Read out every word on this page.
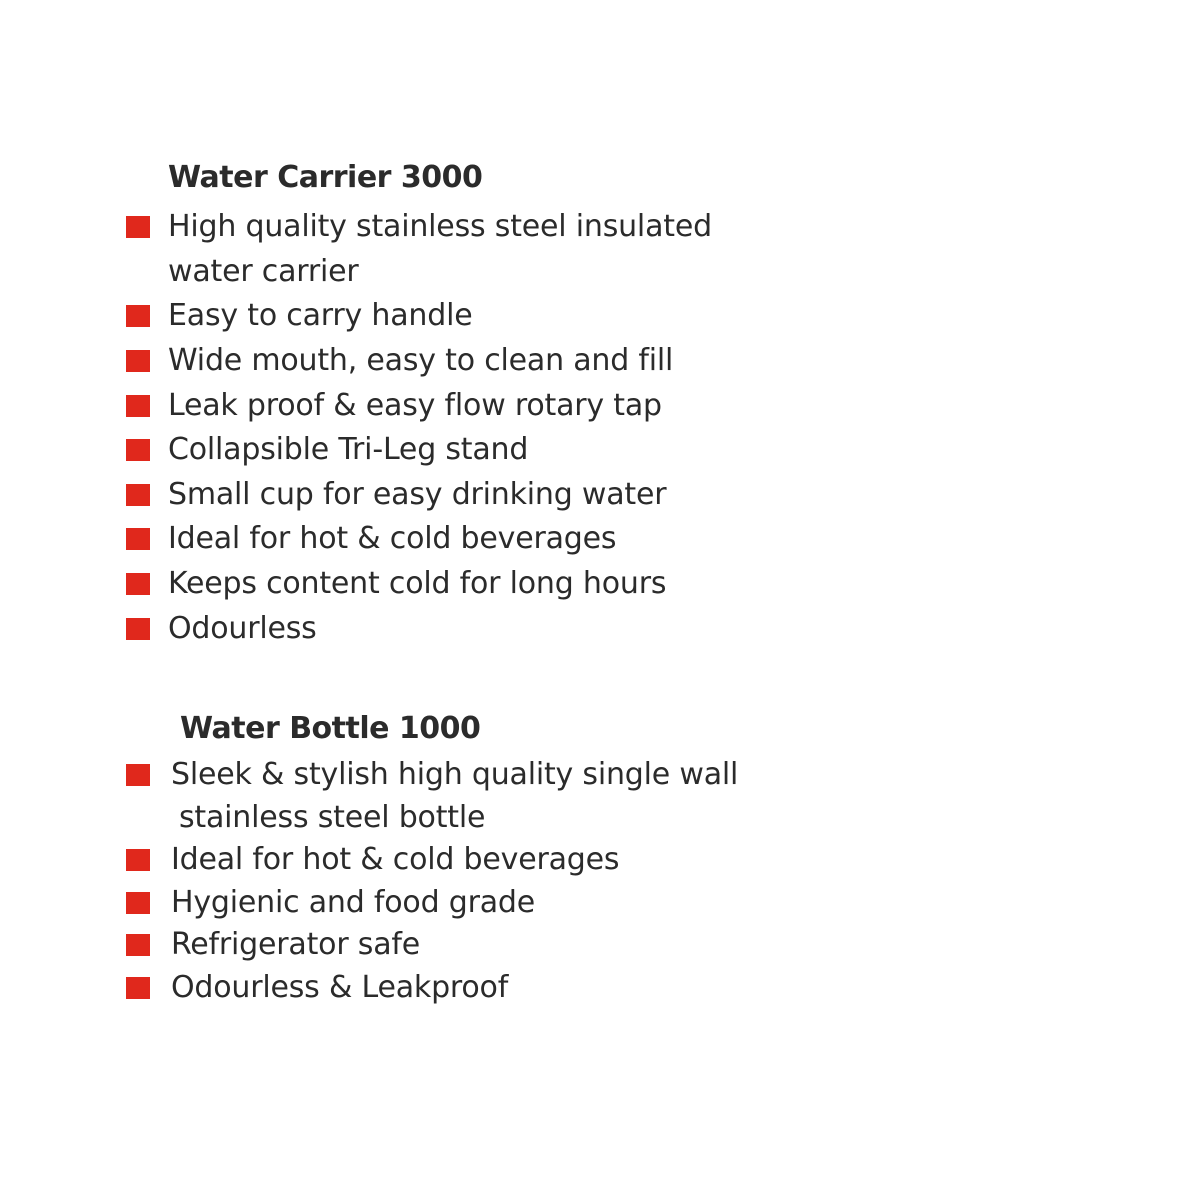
Water Carrier 3000
High quality stainless steel insulated
water carrier
Easy to carry handle
Wide mouth, easy to clean and fill
Leak proof & easy flow rotary tap
Collapsible Tri-Leg stand
Small cup for easy drinking water
Ideal for hot & cold beverages
Keeps content cold for long hours
Odourless
Water Bottle 1000
Sleek & stylish high quality single wall
stainless steel bottle
Ideal for hot & cold beverages
Hygienic and food grade
Refrigerator safe
Odourless & Leakproof
